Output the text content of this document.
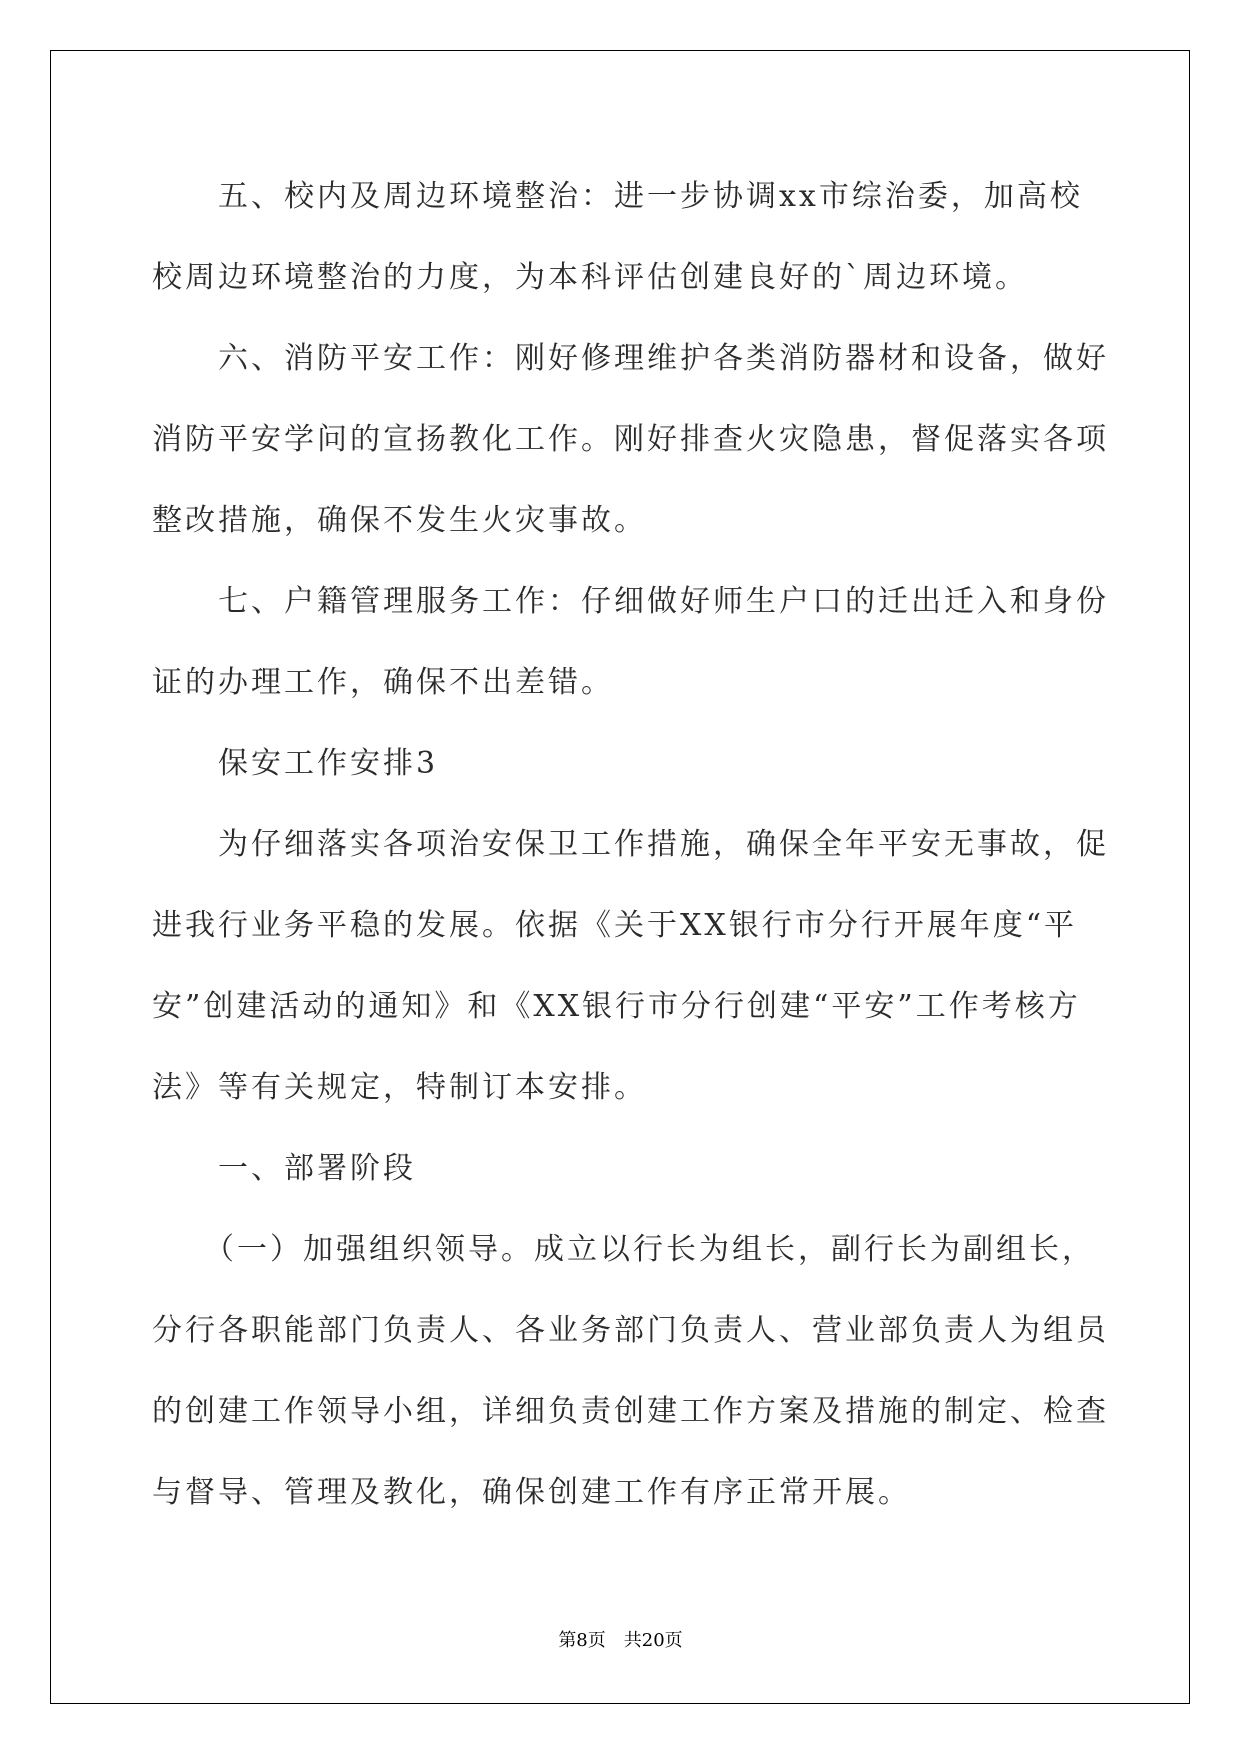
五、校内及周边环境整治：进一步协调xx市综治委，加高校校周边环境整治的力度，为本科评估创建良好的`周边环境。

六、消防平安工作：刚好修理维护各类消防器材和设备，做好消防平安学问的宣扬教化工作。刚好排查火灾隐患，督促落实各项整改措施，确保不发生火灾事故。

七、户籍管理服务工作：仔细做好师生户口的迁出迁入和身份证的办理工作，确保不出差错。

保安工作安排3

为仔细落实各项治安保卫工作措施，确保全年平安无事故，促进我行业务平稳的发展。依据《关于XX银行市分行开展年度“平安”创建活动的通知》和《XX银行市分行创建“平安”工作考核方法》等有关规定，特制订本安排。

一、部署阶段

（一）加强组织领导。成立以行长为组长，副行长为副组长，分行各职能部门负责人、各业务部门负责人、营业部负责人为组员的创建工作领导小组，详细负责创建工作方案及措施的制定、检查与督导、管理及教化，确保创建工作有序正常开展。

第8页 共20页
